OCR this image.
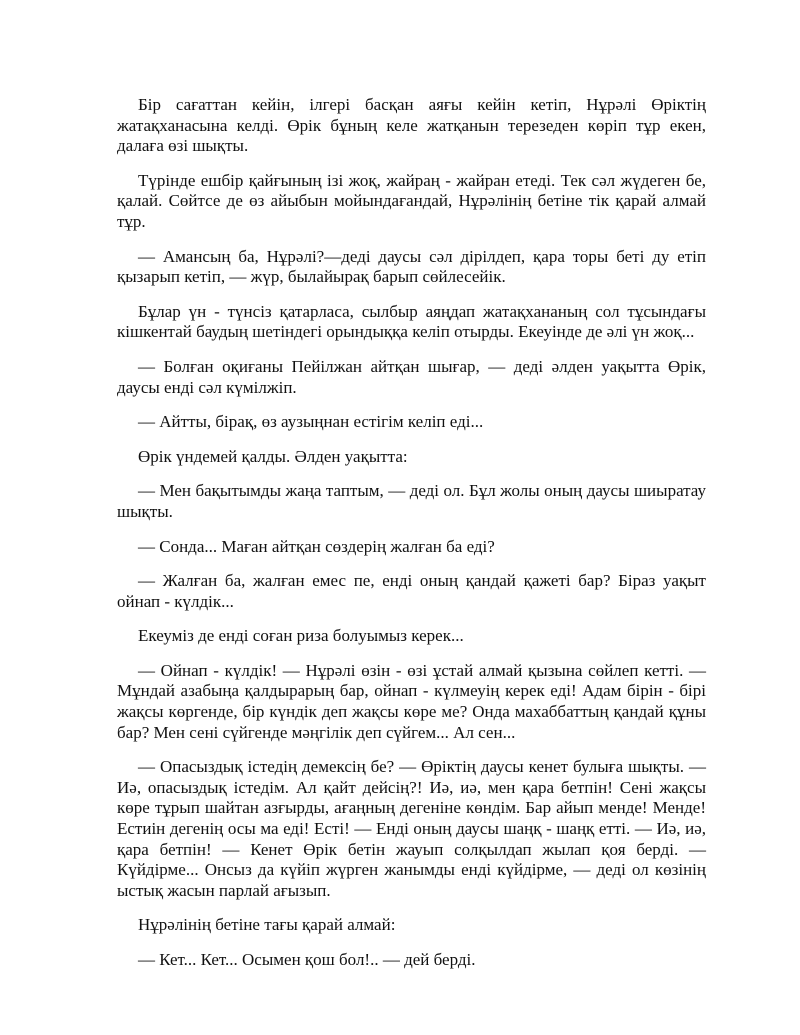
Бір сағаттан кейін, ілгері басқан аяғы кейін кетіп, Нұрәлі Өріктің жатақханасына келді. Өрік бұның келе жатқанын терезеден көріп тұр екен, далаға өзі шықты.

Түрінде ешбір қайғының ізі жоқ, жайраң - жайран етеді. Тек сәл жүдеген бе, қалай. Сөйтсе де өз айыбын мойындағандай, Нұрәлінің бетіне тік қарай алмай тұр.

— Амансың ба, Нұрәлі?—деді даусы сәл дірілдеп, қара торы беті ду етіп қызарып кетіп, — жүр, былайырақ барып сөйлесейік.

Бұлар үн - түнсіз қатарласа, сылбыр аяңдап жатақхананың сол тұсындағы кішкентай баудың шетіндегі орындыққа келіп отырды. Екеуінде де әлі үн жоқ...

— Болған оқиғаны Пейілжан айтқан шығар, — деді әлден уақытта Өрік, даусы енді сәл күмілжіп.

— Айтты, бірақ, өз аузыңнан естігім келіп еді...

Өрік үндемей қалды. Әлден уақытта:

— Мен бақытымды жаңа таптым, — деді ол. Бұл жолы оның даусы шиыратау шықты.

— Сонда... Маған айтқан сөздерің жалған ба еді?

— Жалған ба, жалған емес пе, енді оның қандай қажеті бар? Біраз уақыт ойнап - күлдік...

Екеуміз де енді соған риза болуымыз керек...

— Ойнап - күлдік! — Нұрәлі өзін - өзі ұстай алмай қызына сөйлеп кетті. — Мұндай азабыңа қалдырарың бар, ойнап - күлмеуің керек еді! Адам бірін - бірі жақсы көргенде, бір күндік деп жақсы көре ме? Онда махаббаттың қандай құны бар? Мен сені сүйгенде мәңгілік деп сүйгем... Ал сен...

— Опасыздық істедің демексің бе? — Өріктің даусы кенет булыға шықты. — Иә, опасыздық істедім. Ал қайт дейсің?! Иә, иә, мен қара бетпін! Сені жақсы көре тұрып шайтан азғырды, ағаңның дегеніне көндім. Бар айып менде! Менде! Естиін дегенің осы ма еді! Есті! — Енді оның даусы шаңқ - шаңқ етті. — Иә, иә, қара бетпін! — Кенет Өрік бетін жауып солқылдап жылап қоя берді. — Күйдірме... Онсыз да күйіп жүрген жанымды енді күйдірме, — деді ол көзінің ыстық жасын парлай ағызып.

Нұрәлінің бетіне тағы қарай алмай:

— Кет... Кет... Осымен қош бол!.. — дей берді.
